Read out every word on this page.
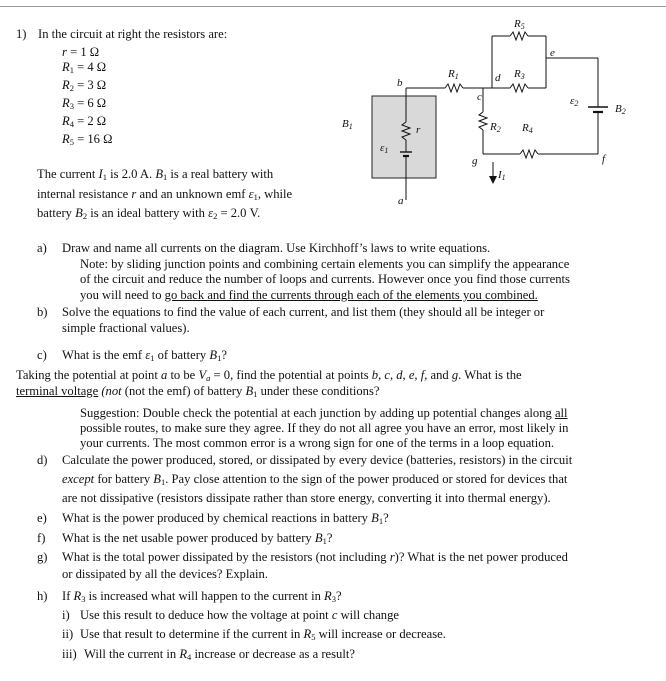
1) In the circuit at right the resistors are:
r = 1 Ω
$R_1 = 4$ Ω
$R_2 = 3$ Ω
$R_3 = 6$ Ω
$R_4 = 2$ Ω
$R_5 = 16$ Ω
The current $I_1$ is 2.0 A. $B_1$ is a real battery with
internal resistance r and an unknown emf $\varepsilon_1$, while
battery $B_2$ is an ideal battery with $\varepsilon_2 = 2.0$ V.
R5
e
R1	d R3
b
c	ε2	B2
B1	r	R2 R4
ε1
g	f
I1
a
a) Draw and name all currents on the diagram. Use Kirchhoff’s laws to write equations.
Note: by sliding junction points and combining certain elements you can simplify the appearance
of the circuit and reduce the number of loops and currents. However once you find those currents
you will need to go back and find the currents through each of the elements you combined.
b) Solve the equations to find the value of each current, and list them (they should all be integer or
simple fractional values).
c) What is the emf $\varepsilon_1$ of battery $B_1$?
Taking the potential at point a to be $V_a = 0$, find the potential at points b, c, d, e, f, and g. What is the
terminal voltage (not (not the emf) of battery $B_1$ under these conditions?
Suggestion: Double check the potential at each junction by adding up potential changes along all
possible routes, to make sure they agree. If they do not all agree you have an error, most likely in
your currents. The most common error is a wrong sign for one of the terms in a loop equation.
d) Calculate the power produced, stored, or dissipated by every device (batteries, resistors) in the circuit
except for battery $B_1$. Pay close attention to the sign of the power produced or stored for devices that
are not dissipative (resistors dissipate rather than store energy, converting it into thermal energy).
e) What is the power produced by chemical reactions in battery $B_1$?
f) What is the net usable power produced by battery $B_1$?
g) What is the total power dissipated by the resistors (not including r)? What is the net power produced
or dissipated by all the devices? Explain.
h) If $R_3$ is increased what will happen to the current in $R_3$?
i) Use this result to deduce how the voltage at point c will change
ii) Use that result to determine if the current in $R_5$ will increase or decrease.
iii) Will the current in $R_4$ increase or decrease as a result?
